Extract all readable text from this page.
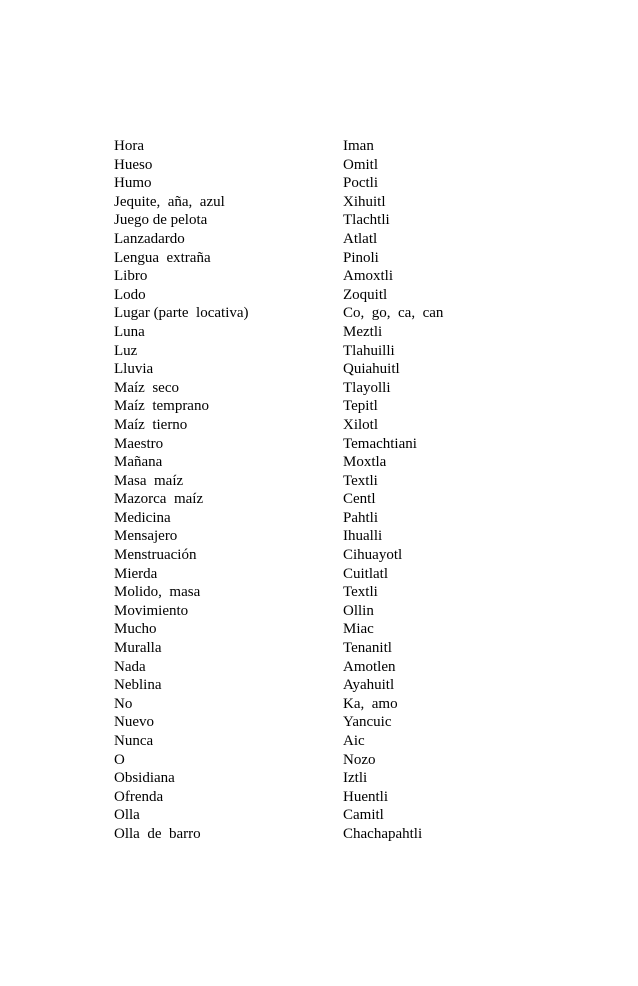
Hora	Iman
Hueso	Omitl
Humo	Poctli
Jequite,  aña,  azul	Xihuitl
Juego de pelota	Tlachtli
Lanzadardo	Atlatl
Lengua  extraña	Pinoli
Libro	Amoxtli
Lodo	Zoquitl
Lugar (parte  locativa)	Co,  go,  ca,  can
Luna	Meztli
Luz	Tlahuilli
Lluvia	Quiahuitl
Maíz  seco	Tlayolli
Maíz  temprano	Tepitl
Maíz  tierno	Xilotl
Maestro	Temachtiani
Mañana	Moxtla
Masa  maíz	Textli
Mazorca  maíz	Centl
Medicina	Pahtli
Mensajero	Ihualli
Menstruación	Cihuayotl
Mierda	Cuitlatl
Molido,  masa	Textli
Movimiento	Ollin
Mucho	Miac
Muralla	Tenanitl
Nada	Amotlen
Neblina	Ayahuitl
No	Ka,  amo
Nuevo	Yancuic
Nunca	Aic
O	Nozo
Obsidiana	Iztli
Ofrenda	Huentli
Olla	Camitl
Olla  de  barro	Chachapahtli
